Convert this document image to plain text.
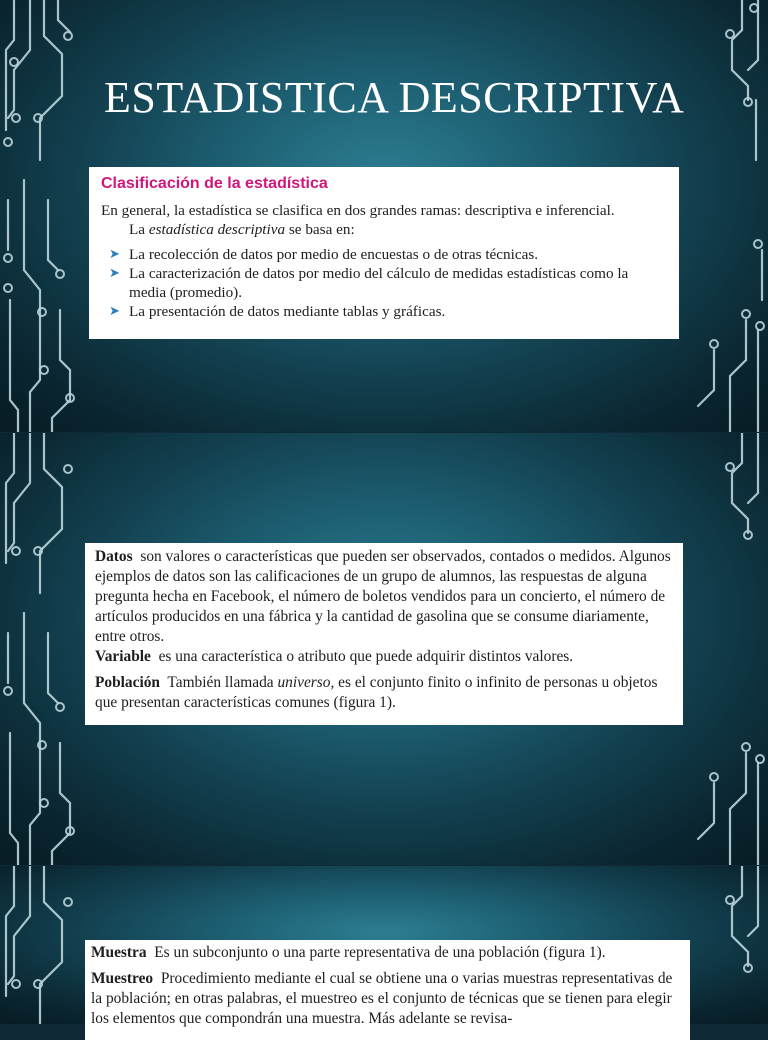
ESTADISTICA DESCRIPTIVA

Clasificación de la estadística

En general, la estadística se clasifica en dos grandes ramas: descriptiva e inferencial.

La estadística descriptiva se basa en:

➤ La recolección de datos por medio de encuestas o de otras técnicas.
➤ La caracterización de datos por medio del cálculo de medidas estadísticas como la media (promedio).
➤ La presentación de datos mediante tablas y gráficas.

Datos son valores o características que pueden ser observados, contados o medidos. Algunos ejemplos de datos son las calificaciones de un grupo de alumnos, las respuestas de alguna pregunta hecha en Facebook, el número de boletos vendidos para un concierto, el número de artículos producidos en una fábrica y la cantidad de gasolina que se consume diariamente, entre otros.

Variable es una característica o atributo que puede adquirir distintos valores.

Población También llamada universo, es el conjunto finito o infinito de personas u objetos que presentan características comunes (figura 1).

Muestra Es un subconjunto o una parte representativa de una población (figura 1).

Muestreo Procedimiento mediante el cual se obtiene una o varias muestras representativas de la población; en otras palabras, el muestreo es el conjunto de técnicas que se tienen para elegir los elementos que compondrán una muestra. Más adelante se revisa-
